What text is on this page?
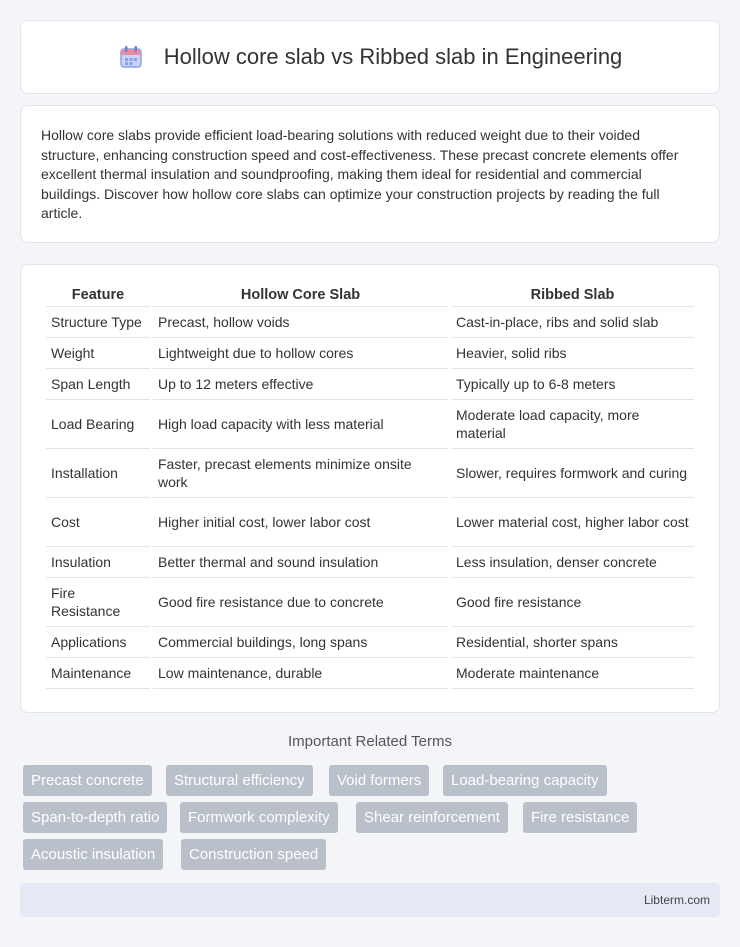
Hollow core slab vs Ribbed slab in Engineering

Hollow core slabs provide efficient load-bearing solutions with reduced weight due to their voided structure, enhancing construction speed and cost-effectiveness. These precast concrete elements offer excellent thermal insulation and soundproofing, making them ideal for residential and commercial buildings. Discover how hollow core slabs can optimize your construction projects by reading the full article.

Feature	Hollow Core Slab	Ribbed Slab
Structure Type	Precast, hollow voids	Cast-in-place, ribs and solid slab
Weight	Lightweight due to hollow cores	Heavier, solid ribs
Span Length	Up to 12 meters effective	Typically up to 6-8 meters
Load Bearing	High load capacity with less material	Moderate load capacity, more material
Installation	Faster, precast elements minimize onsite work	Slower, requires formwork and curing
Cost	Higher initial cost, lower labor cost	Lower material cost, higher labor cost
Insulation	Better thermal and sound insulation	Less insulation, denser concrete
Fire Resistance	Good fire resistance due to concrete	Good fire resistance
Applications	Commercial buildings, long spans	Residential, shorter spans
Maintenance	Low maintenance, durable	Moderate maintenance
Important Related Terms
Precast concrete	Structural efficiency	Void formers	Load-bearing capacity
Span-to-depth ratio	Formwork complexity	Shear reinforcement	Fire resistance
Acoustic insulation	Construction speed
Libterm.com
